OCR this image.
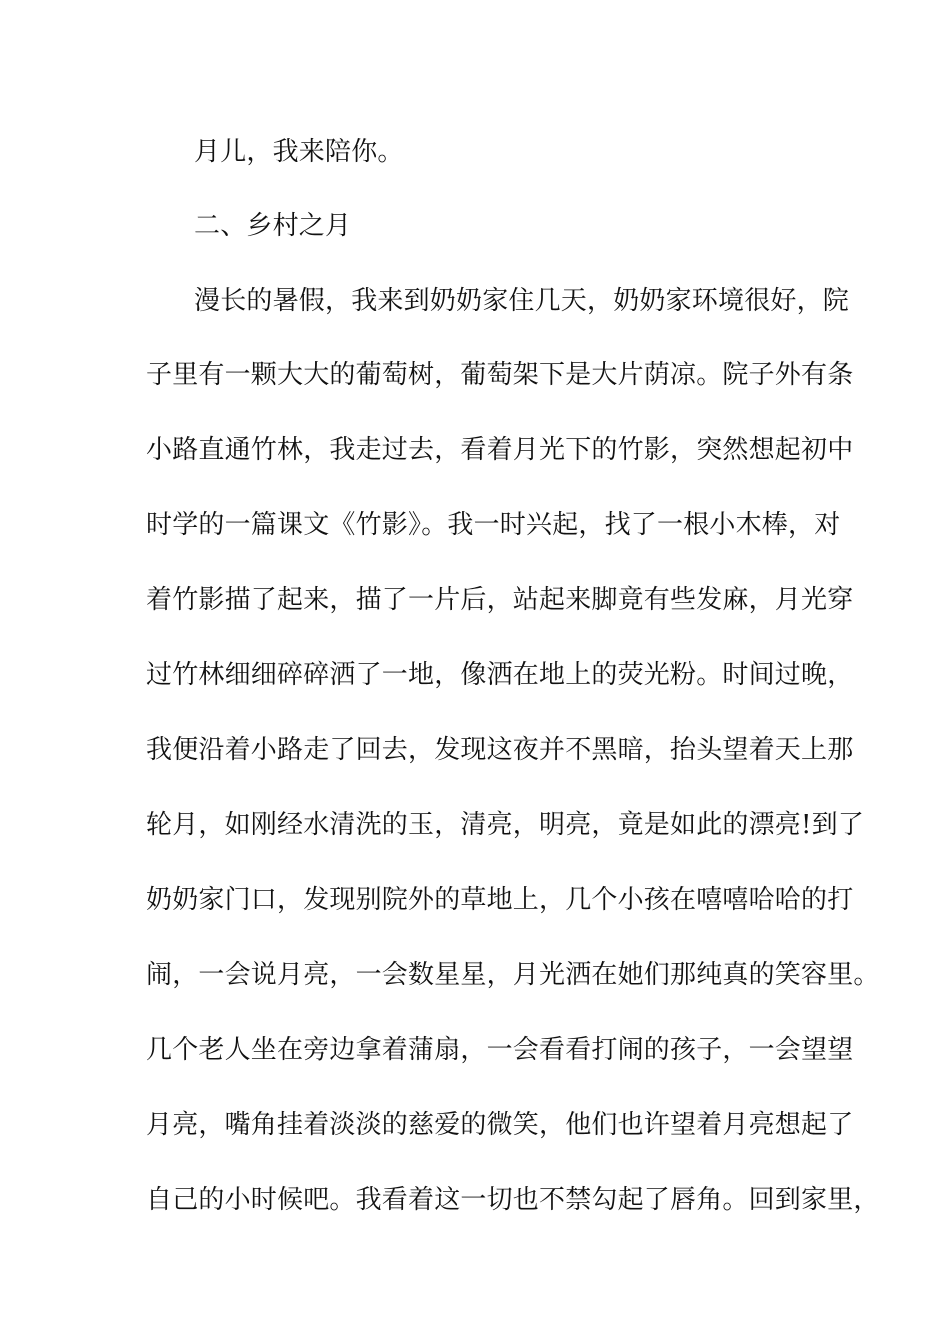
月儿，我来陪你。
二、乡村之月
漫长的暑假，我来到奶奶家住几天，奶奶家环境很好，院
子里有一颗大大的葡萄树，葡萄架下是大片荫凉。院子外有条
小路直通竹林，我走过去，看着月光下的竹影，突然想起初中
时学的一篇课文《竹影》。我一时兴起，找了一根小木棒，对
着竹影描了起来，描了一片后，站起来脚竟有些发麻，月光穿
过竹林细细碎碎洒了一地，像洒在地上的荧光粉。时间过晚，
我便沿着小路走了回去，发现这夜并不黑暗，抬头望着天上那
轮月，如刚经水清洗的玉，清亮，明亮，竟是如此的漂亮!到了
奶奶家门口，发现别院外的草地上，几个小孩在嘻嘻哈哈的打
闹，一会说月亮，一会数星星，月光洒在她们那纯真的笑容里。
几个老人坐在旁边拿着蒲扇，一会看看打闹的孩子，一会望望
月亮，嘴角挂着淡淡的慈爱的微笑，他们也许望着月亮想起了
自己的小时候吧。我看着这一切也不禁勾起了唇角。回到家里，
